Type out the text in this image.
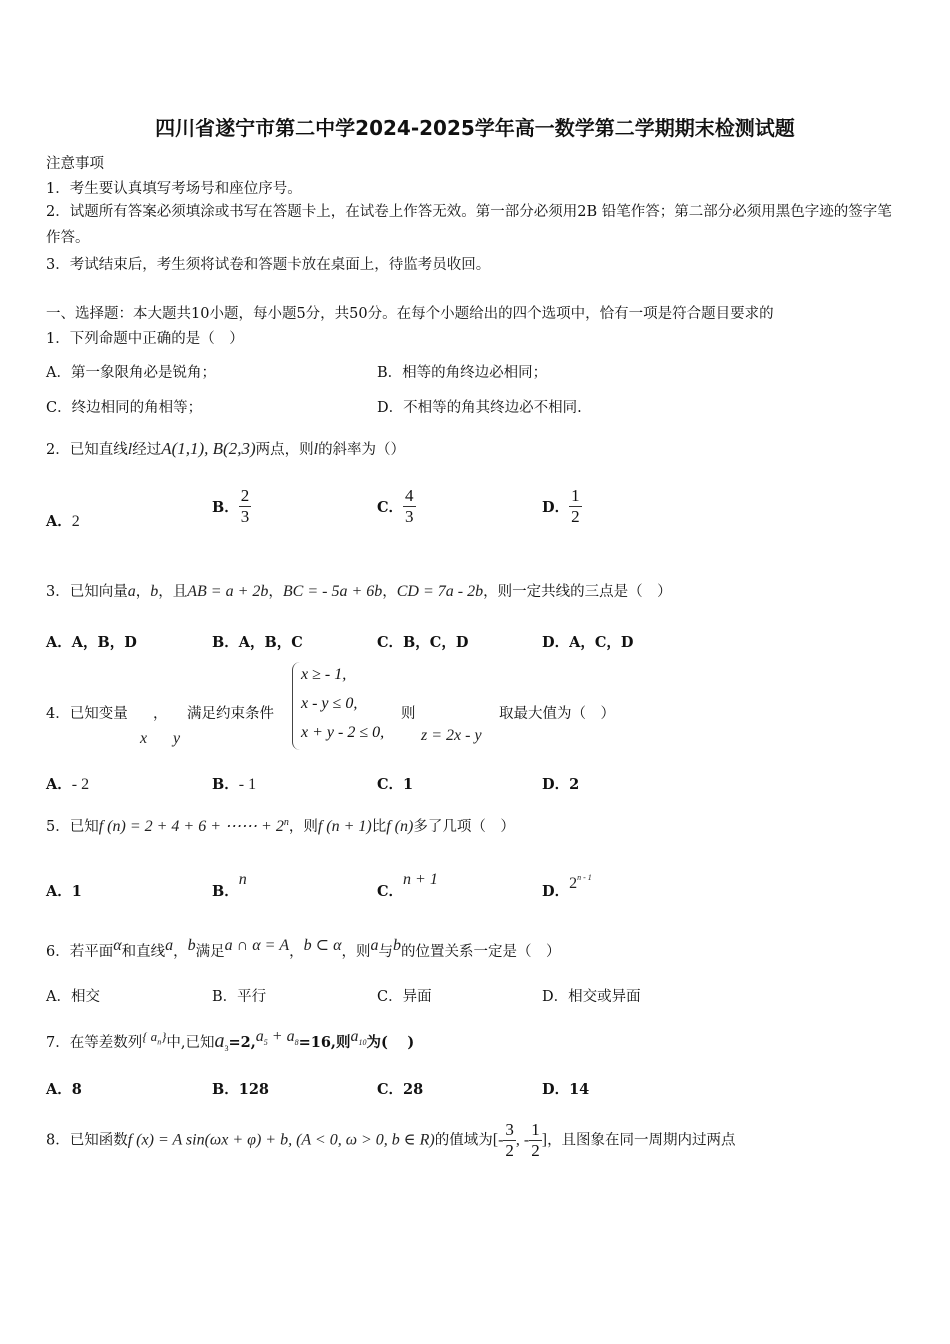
四川省遂宁市第二中学2024-2025学年高一数学第二学期期末检测试题
注意事项
1．考生要认真填写考场号和座位序号。
2．试题所有答案必须填涂或书写在答题卡上，在试卷上作答无效。第一部分必须用2B 铅笔作答；第二部分必须用黑色字迹的签字笔作答。
3．考试结束后，考生须将试卷和答题卡放在桌面上，待监考员收回。
一、选择题：本大题共10小题，每小题5分，共50分。在每个小题给出的四个选项中，恰有一项是符合题目要求的
1．下列命题中正确的是（　）
A．第一象限角必是锐角；	B．相等的角终边必相同；
C．终边相同的角相等；	D．不相等的角其终边必不相同.
2．已知直线l经过A(1,1), B(2,3)两点，则l的斜率为（）
A．2
B． $\frac{2}{3}$	C． $\frac{4}{3}$	D． $\frac{1}{2}$
3．已知向量a，b，且AB = a + 2b，BC = - 5a + 6b，CD = 7a - 2b，则一定共线的三点是（　）
A．A，B，D	B．A，B，C	C．B，C，D	D．A，C，D
4．已知变量 ， 满足约束条件
x y
x ≥ - 1,
x - y ≤ 0,
x + y - 2 ≤ 0,
则
z = 2x - y
取最大值为（　）
A．- 2	B．- 1	C．1	D．2
5．已知f (n) = 2 + 4 + 6 + ⋯⋯ + $2^n$，则f (n + 1)比f (n)多了几项（　）
A．1	B．n
C．n + 1
D．2$^{n - 1}$
6．若平面$^\alpha$和直线$^a$，$^b$满足$^{a \cap \alpha = A}$，$^{b \subset \alpha}$，则$^a$与$^b$的位置关系一定是（　）
A．相交	B．平行	C．异面	D．相交或异面
7．在等差数列{ $a_n$}中,已知$a_3=2,a_5 + a_8=16$,则$a_{10}$为(　 )
A．8	B．128	C．28	D．14
8．已知函数f (x) = A sin(ωx + φ) + b, (A < 0, ω > 0, b ∈ R)的值域为[- $\frac{3}{2}$ , - $\frac{1}{2}$ ]，且图象在同一周期内过两点
